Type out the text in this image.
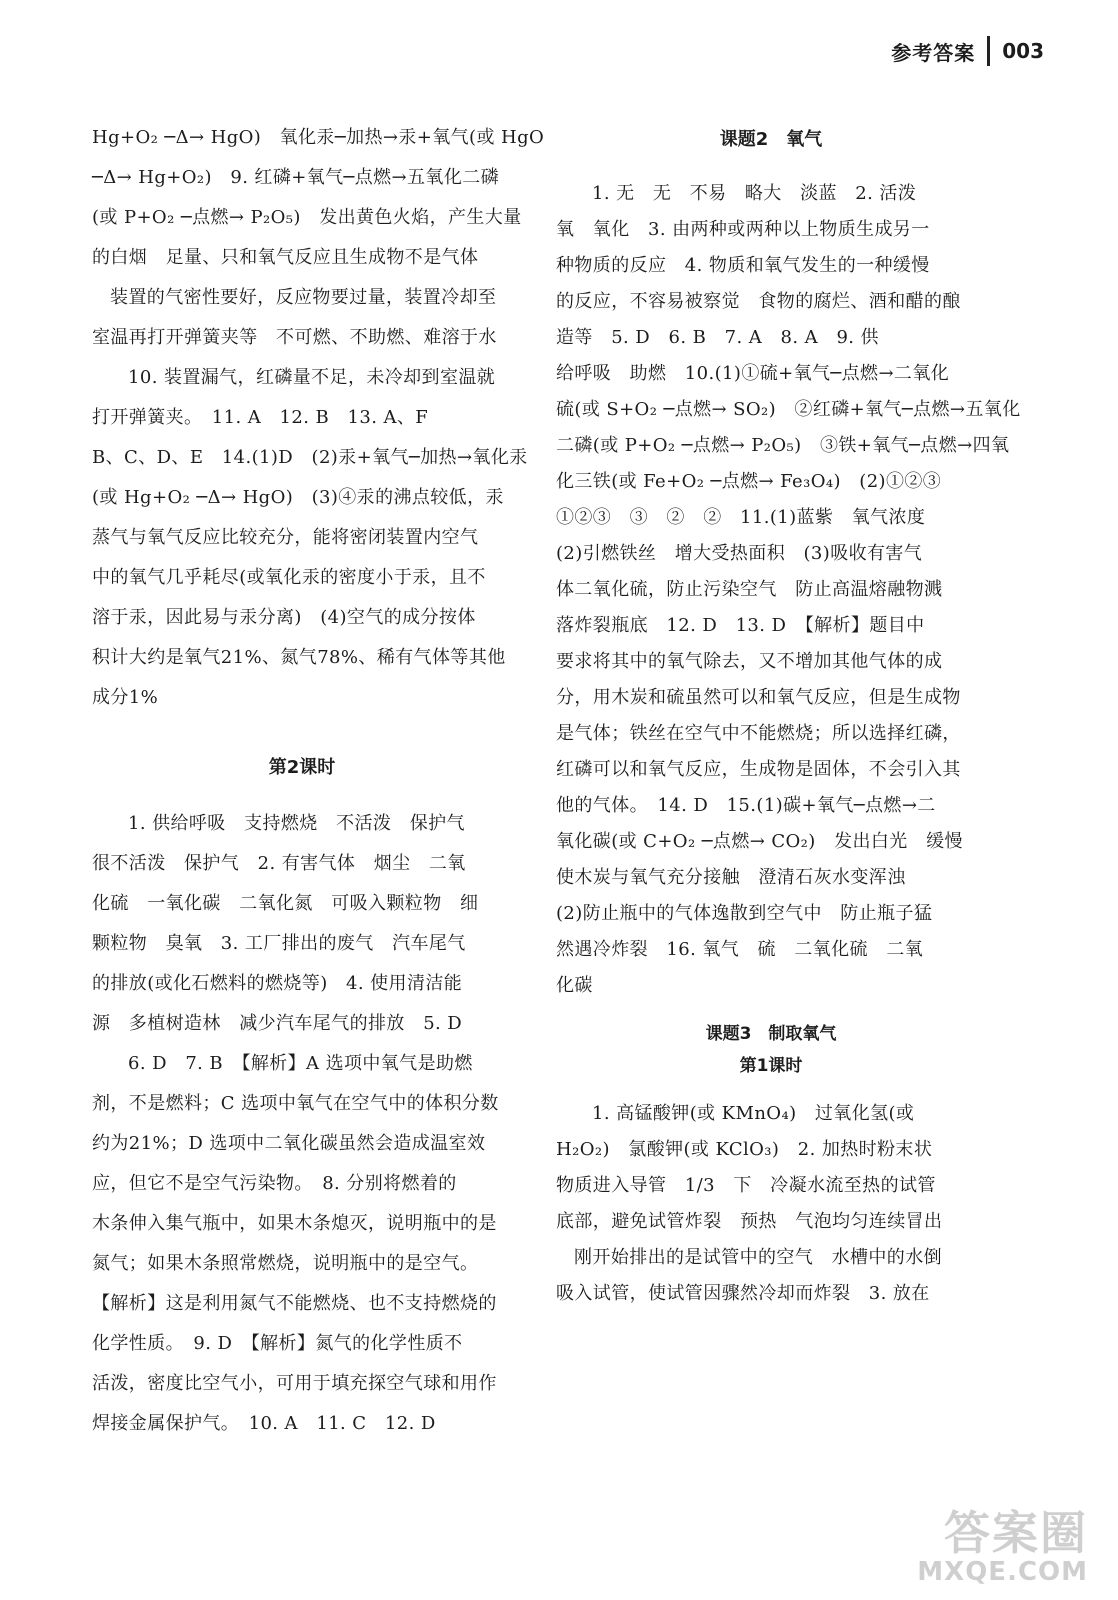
参考答案 003
Hg+O₂ ─Δ→ HgO)　氧化汞─加热→汞+氧气(或 HgO
─Δ→ Hg+O₂)　9. 红磷+氧气─点燃→五氧化二磷
(或 P+O₂ ─点燃→ P₂O₅)　发出黄色火焰，产生大量
的白烟　足量、只和氧气反应且生成物不是气体
装置的气密性要好，反应物要过量，装置冷却至
室温再打开弹簧夹等　不可燃、不助燃、难溶于水
10. 装置漏气，红磷量不足，未冷却到室温就
打开弹簧夹。　11. A　12. B　13. A、F
B、C、D、E　14.(1)D　(2)汞+氧气─加热→氧化汞
(或 Hg+O₂ ─Δ→ HgO)　(3)④汞的沸点较低，汞
蒸气与氧气反应比较充分，能将密闭装置内空气
中的氧气几乎耗尽(或氧化汞的密度小于汞，且不
溶于汞，因此易与汞分离)　(4)空气的成分按体
积计大约是氧气21%、氮气78%、稀有气体等其他
成分1%
第2课时
1. 供给呼吸　支持燃烧　不活泼　保护气
很不活泼　保护气　2. 有害气体　烟尘　二氧
化硫　一氧化碳　二氧化氮　可吸入颗粒物　细
颗粒物　臭氧　3. 工厂排出的废气　汽车尾气
的排放(或化石燃料的燃烧等)　4. 使用清洁能
源　多植树造林　减少汽车尾气的排放　5. D
6. D　7. B　【解析】A 选项中氧气是助燃
剂，不是燃料；C 选项中氧气在空气中的体积分数
约为21%；D 选项中二氧化碳虽然会造成温室效
应，但它不是空气污染物。　8. 分别将燃着的
木条伸入集气瓶中，如果木条熄灭，说明瓶中的是
氮气；如果木条照常燃烧，说明瓶中的是空气。
【解析】这是利用氮气不能燃烧、也不支持燃烧的
化学性质。　9. D　【解析】氮气的化学性质不
活泼，密度比空气小，可用于填充探空气球和用作
焊接金属保护气。　10. A　11. C　12. D
课题2　氧气
1. 无　无　不易　略大　淡蓝　2. 活泼
氧　氧化　3. 由两种或两种以上物质生成另一
种物质的反应　4. 物质和氧气发生的一种缓慢
的反应，不容易被察觉　食物的腐烂、酒和醋的酿
造等　5. D　6. B　7. A　8. A　9. 供
给呼吸　助燃　10.(1)①硫+氧气─点燃→二氧化
硫(或 S+O₂ ─点燃→ SO₂)　②红磷+氧气─点燃→五氧化
二磷(或 P+O₂ ─点燃→ P₂O₅)　③铁+氧气─点燃→四氧
化三铁(或 Fe+O₂ ─点燃→ Fe₃O₄)　(2)①②③
①②③　③　②　②　11.(1)蓝紫　氧气浓度
(2)引燃铁丝　增大受热面积　(3)吸收有害气
体二氧化硫，防止污染空气　防止高温熔融物溅
落炸裂瓶底　12. D　13. D　【解析】题目中
要求将其中的氧气除去，又不增加其他气体的成
分，用木炭和硫虽然可以和氧气反应，但是生成物
是气体；铁丝在空气中不能燃烧；所以选择红磷，
红磷可以和氧气反应，生成物是固体，不会引入其
他的气体。　14. D　15.(1)碳+氧气─点燃→二
氧化碳(或 C+O₂ ─点燃→ CO₂)　发出白光　缓慢
使木炭与氧气充分接触　澄清石灰水变浑浊
(2)防止瓶中的气体逸散到空气中　防止瓶子猛
然遇冷炸裂　16. 氧气　硫　二氧化硫　二氧
化碳
课题3　制取氧气
第1课时
1. 高锰酸钾(或 KMnO₄)　过氧化氢(或
H₂O₂)　氯酸钾(或 KClO₃)　2. 加热时粉末状
物质进入导管　1/3　下　冷凝水流至热的试管
底部，避免试管炸裂　预热　气泡均匀连续冒出
刚开始排出的是试管中的空气　水槽中的水倒
吸入试管，使试管因骤然冷却而炸裂　3. 放在
答案圈
MXQE.COM
